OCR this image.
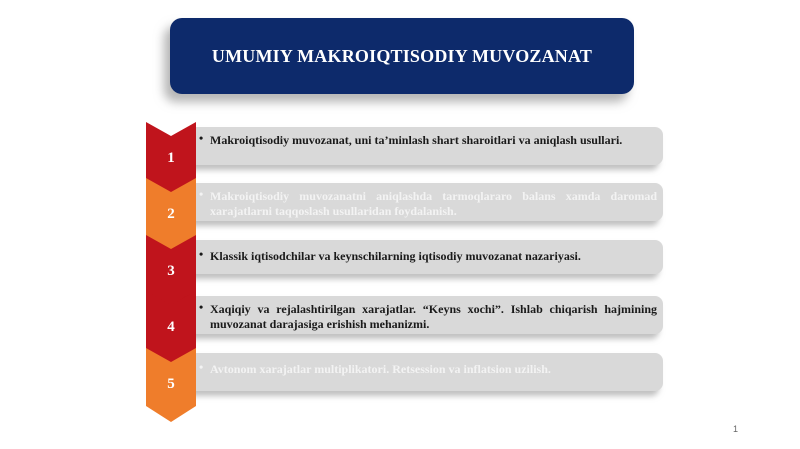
UMUMIY MAKROIQTISODIY MUVOZANAT
• Makroiqtisodiy muvozanat, uni ta’minlash shart sharoitlari va aniqlash usullari.
1
• Makroiqtisodiy muvozanatni aniqlashda tarmoqlararo balans xamda daromad xarajatlarni taqqoslash usullaridan foydalanish.
2
• Klassik iqtisodchilar va keynschilarning iqtisodiy muvozanat nazariyasi.
3
• Xaqiqiy va rejalashtirilgan xarajatlar. “Keyns xochi”. Ishlab chiqarish hajmining muvozanat darajasiga erishish mehanizmi.
4
• Avtonom xarajatlar multiplikatori. Retsession va inflatsion uzilish.
5
1
